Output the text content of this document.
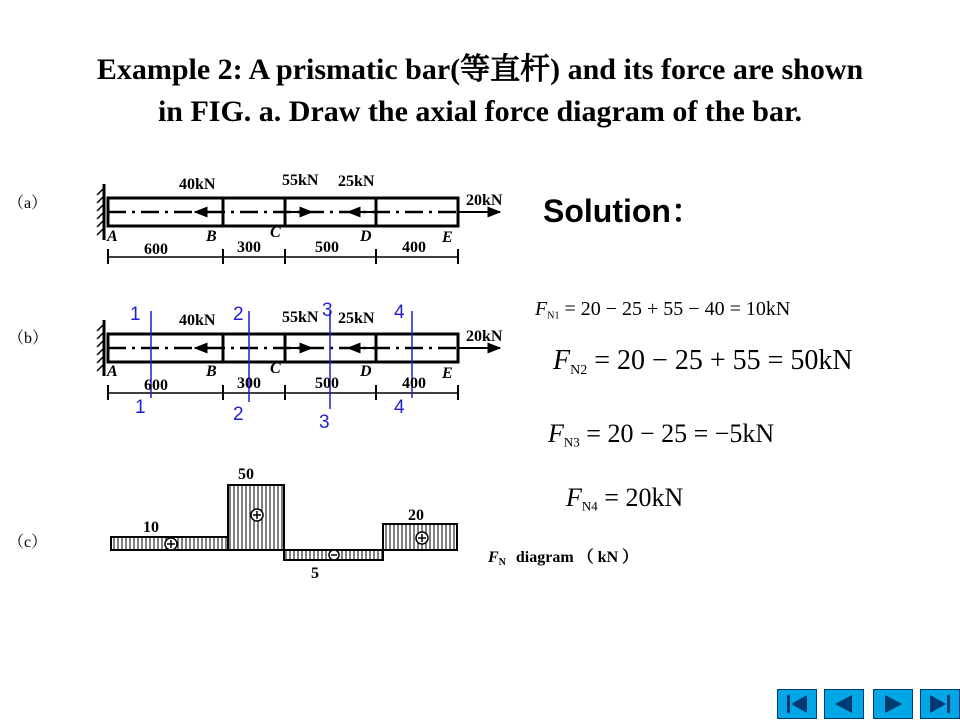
Example 2: A prismatic bar(等直杆) and its force are shown
in FIG. a. Draw the axial force diagram of the bar.
（a）
40kN	55kN 25kN
20kN
A	B	C	D	E
600	300	500	400
（b）
40kN	55kN 25kN
20kN
A	B	C	D	E
600	300	500	400
1	2	3	4
1	2	3
4
（c）
50
10
20
5
FN diagram （ kN ）
Solution：
$F_{N1} = 20 - 25 + 55 - 40 = 10kN$
$F_{N2} = 20 - 25 + 55 = 50kN$
$F_{N3} = 20 - 25 = -5kN$
$F_{N4} = 20kN$
